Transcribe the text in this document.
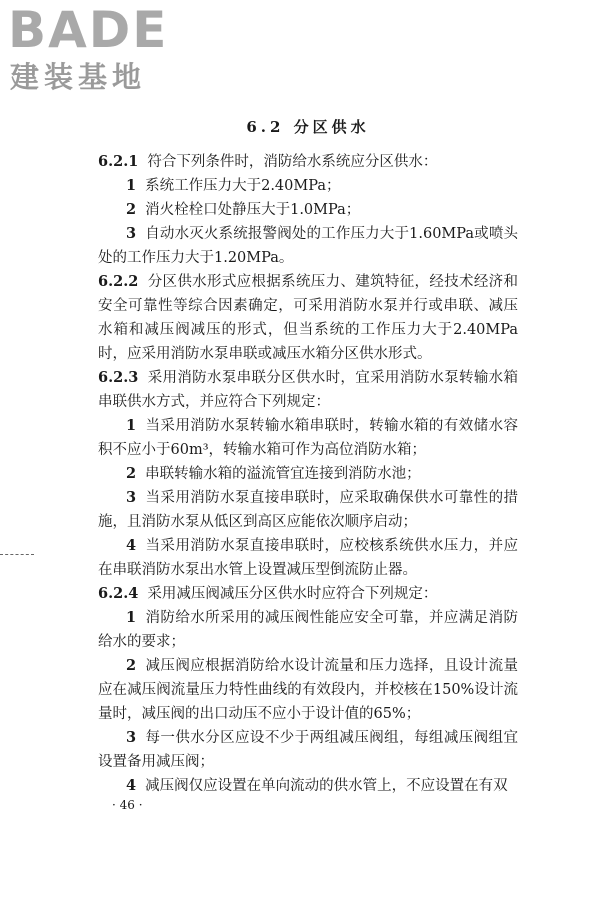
BADE
建装基地
6.2 分区供水

6.2.1 符合下列条件时，消防给水系统应分区供水：

1 系统工作压力大于2.40MPa；

2 消火栓栓口处静压大于1.0MPa；

3 自动水灭火系统报警阀处的工作压力大于1.60MPa或喷头处的工作压力大于1.20MPa。

6.2.2 分区供水形式应根据系统压力、建筑特征，经技术经济和安全可靠性等综合因素确定，可采用消防水泵并行或串联、减压水箱和减压阀减压的形式，但当系统的工作压力大于2.40MPa时，应采用消防水泵串联或减压水箱分区供水形式。

6.2.3 采用消防水泵串联分区供水时，宜采用消防水泵转输水箱串联供水方式，并应符合下列规定：

1 当采用消防水泵转输水箱串联时，转输水箱的有效储水容积不应小于60m³，转输水箱可作为高位消防水箱；

2 串联转输水箱的溢流管宜连接到消防水池；

3 当采用消防水泵直接串联时，应采取确保供水可靠性的措施，且消防水泵从低区到高区应能依次顺序启动；

4 当采用消防水泵直接串联时，应校核系统供水压力，并应在串联消防水泵出水管上设置减压型倒流防止器。

6.2.4 采用减压阀减压分区供水时应符合下列规定：

1 消防给水所采用的减压阀性能应安全可靠，并应满足消防给水的要求；

2 减压阀应根据消防给水设计流量和压力选择，且设计流量应在减压阀流量压力特性曲线的有效段内，并校核在150%设计流量时，减压阀的出口动压不应小于设计值的65%；

3 每一供水分区应设不少于两组减压阀组，每组减压阀组宜设置备用减压阀；

4 减压阀仅应设置在单向流动的供水管上，不应设置在有双

· 46 ·
